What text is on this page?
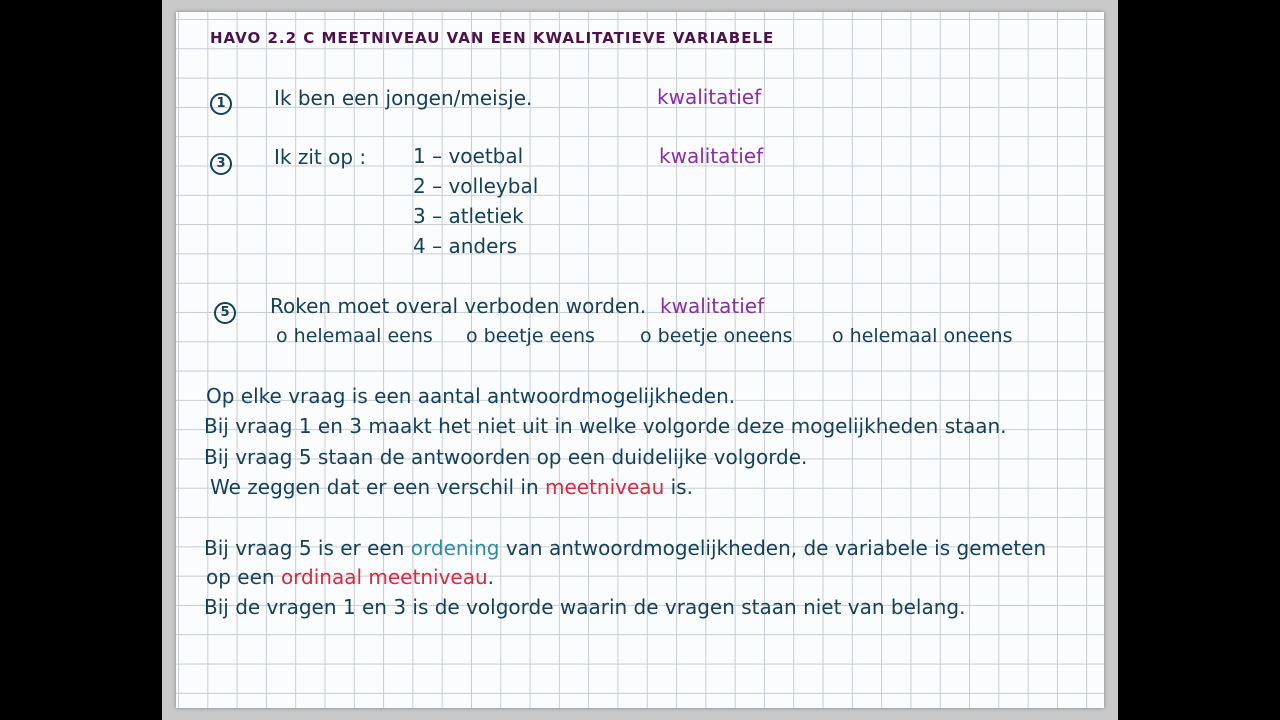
HAVO 2.2 C MEETNIVEAU VAN EEN KWALITATIEVE VARIABELE
1	Ik ben een jongen/meisje.	kwalitatief
3	Ik zit op :	kwalitatief
1 – voetbal
2 – volleybal
3 – atletiek
4 – anders
5	Roken moet overal verboden worden. kwalitatief
o helemaal eens o beetje eens o beetje oneens o helemaal oneens
Op elke vraag is een aantal antwoordmogelijkheden.
Bij vraag 1 en 3 maakt het niet uit in welke volgorde deze mogelijkheden staan.
Bij vraag 5 staan de antwoorden op een duidelijke volgorde.
We zeggen dat er een verschil in meetniveau is.
Bij vraag 5 is er een ordening van antwoordmogelijkheden, de variabele is gemeten
op een ordinaal meetniveau.
Bij de vragen 1 en 3 is de volgorde waarin de vragen staan niet van belang.
